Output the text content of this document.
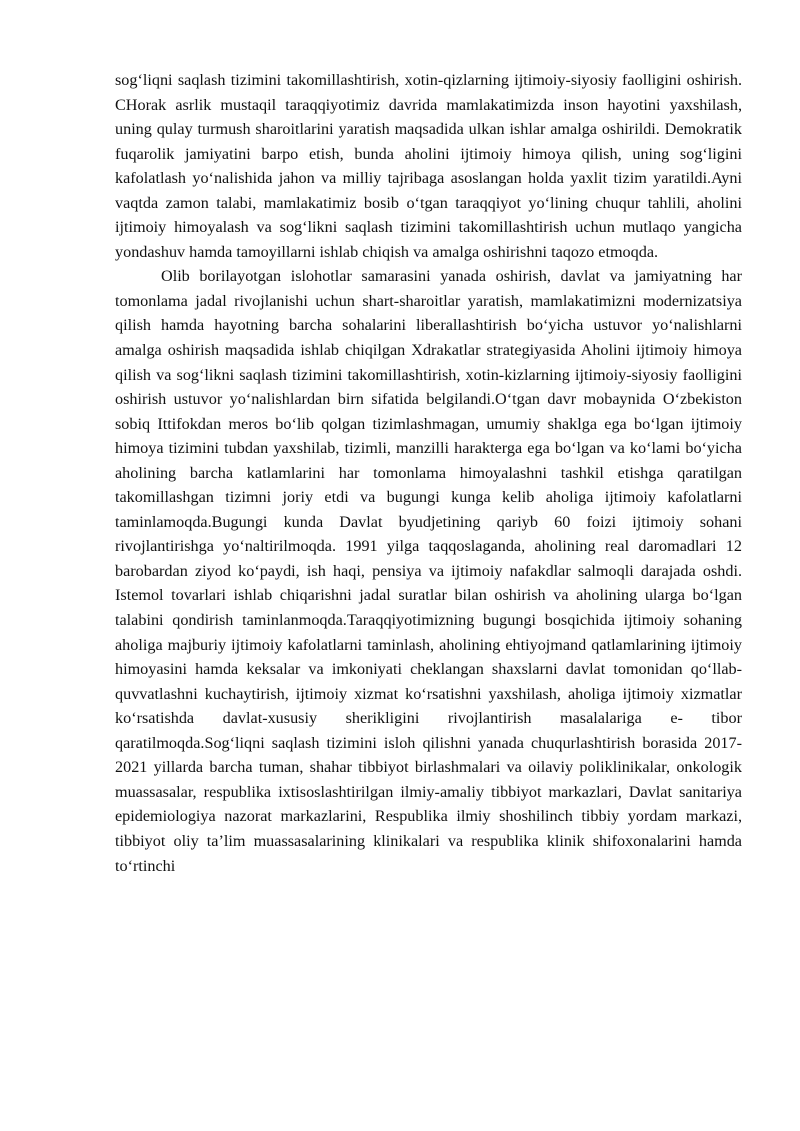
sog‘liqni saqlash tizimini takomillashtirish, xotin-qizlarning ijtimoiy-siyosiy faolligini oshirish. CHorak asrlik mustaqil taraqqiyotimiz davrida mamlakatimizda inson hayotini yaxshilash, uning qulay turmush sharoitlarini yaratish maqsadida ulkan ishlar amalga oshirildi. Demokratik fuqarolik jamiyatini barpo etish, bunda aholini ijtimoiy himoya qilish, uning sog‘ligini kafolatlash yo‘nalishida jahon va milliy tajribaga asoslangan holda yaxlit tizim yaratildi.Ayni vaqtda zamon talabi, mamlakatimiz bosib o‘tgan taraqqiyot yo‘lining chuqur tahlili, aholini ijtimoiy himoyalash va sog‘likni saqlash tizimini takomillashtirish uchun mutlaqo yangicha yondashuv hamda tamoyillarni ishlab chiqish va amalga oshirishni taqozo etmoqda.

Olib borilayotgan islohotlar samarasini yanada oshirish, davlat va jamiyatning har tomonlama jadal rivojlanishi uchun shart-sharoitlar yaratish, mamlakatimizni modernizatsiya qilish hamda hayotning barcha sohalarini liberallashtirish bo‘yicha ustuvor yo‘nalishlarni amalga oshirish maqsadida ishlab chiqilgan Xdrakatlar strategiyasida Aholini ijtimoiy himoya qilish va sog‘likni saqlash tizimini takomillashtirish, xotin-kizlarning ijtimoiy-siyosiy faolligini oshirish ustuvor yo‘nalishlardan birn sifatida belgilandi.O‘tgan davr mobaynida O‘zbekiston sobiq Ittifokdan meros bo‘lib qolgan tizimlashmagan, umumiy shaklga ega bo‘lgan ijtimoiy himoya tizimini tubdan yaxshilab, tizimli, manzilli harakterga ega bo‘lgan va ko‘lami bo‘yicha aholining barcha katlamlarini har tomonlama himoyalashni tashkil etishga qaratilgan takomillashgan tizimni joriy etdi va bugungi kunga kelib aholiga ijtimoiy kafolatlarni taminlamoqda.Bugungi kunda Davlat byudjetining qariyb 60 foizi ijtimoiy sohani rivojlantirishga yo‘naltirilmoqda. 1991 yilga taqqoslaganda, aholining real daromadlari 12 barobardan ziyod ko‘paydi, ish haqi, pensiya va ijtimoiy nafakdlar salmoqli darajada oshdi. Istemol tovarlari ishlab chiqarishni jadal suratlar bilan oshirish va aholining ularga bo‘lgan talabini qondirish taminlanmoqda.Taraqqiyotimizning bugungi bosqichida ijtimoiy sohaning aholiga majburiy ijtimoiy kafolatlarni taminlash, aholining ehtiyojmand qatlamlarining ijtimoiy himoyasini hamda keksalar va imkoniyati cheklangan shaxslarni davlat tomonidan qo‘llab- quvvatlashni kuchaytirish, ijtimoiy xizmat ko‘rsatishni yaxshilash, aholiga ijtimoiy xizmatlar ko‘rsatishda davlat-xususiy sherikligini rivojlantirish masalalariga e- tibor qaratilmoqda.Sog‘liqni saqlash tizimini isloh qilishni yanada chuqurlashtirish borasida 2017-2021 yillarda barcha tuman, shahar tibbiyot birlashmalari va oilaviy poliklinikalar, onkologik muassasalar, respublika ixtisoslashtirilgan ilmiy-amaliy tibbiyot markazlari, Davlat sanitariya epidemiologiya nazorat markazlarini, Respublika ilmiy shoshilinch tibbiy yordam markazi, tibbiyot oliy ta’lim muassasalarining klinikalari va respublika klinik shifoxonalarini hamda to‘rtinchi
